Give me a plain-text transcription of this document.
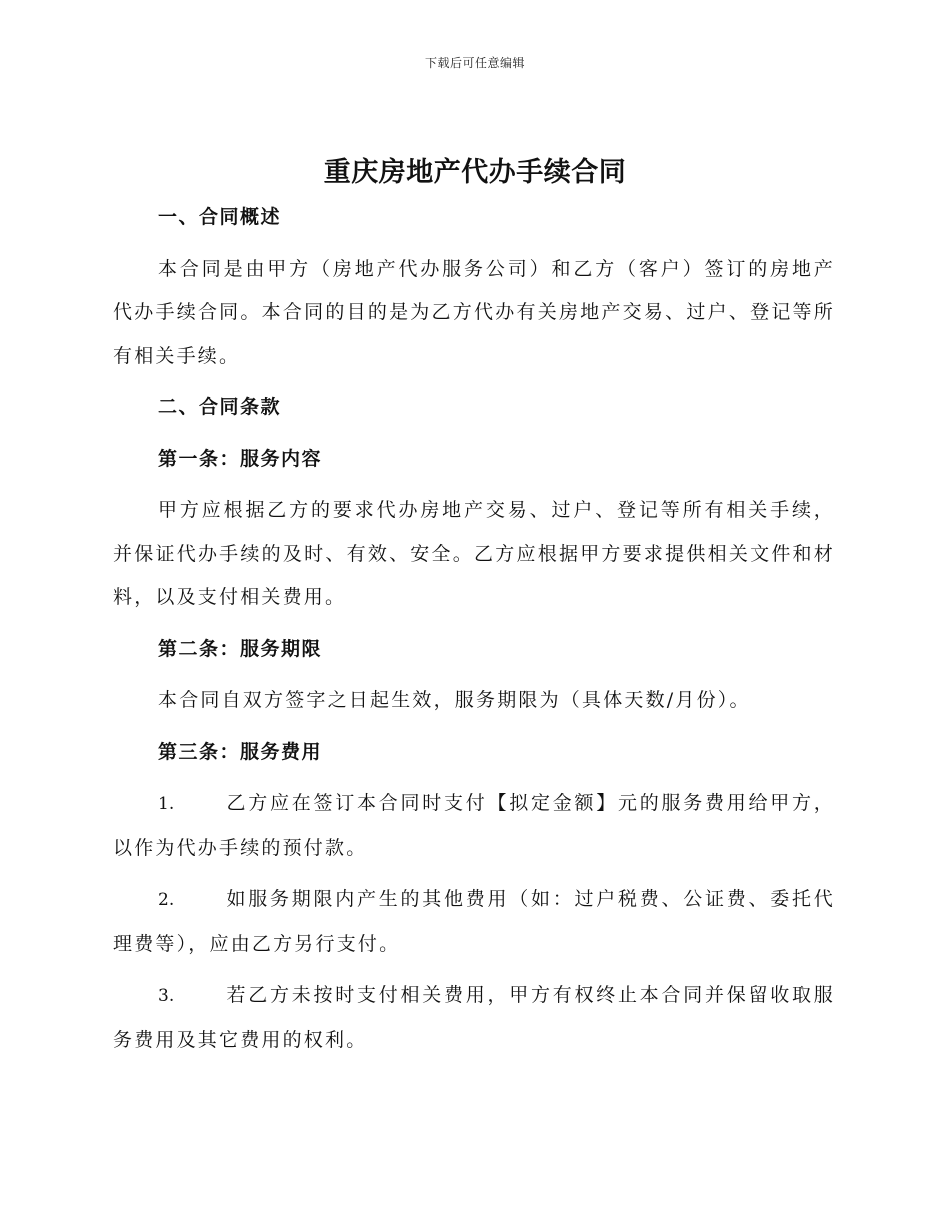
下载后可任意编辑
重庆房地产代办手续合同

一、合同概述

本合同是由甲方（房地产代办服务公司）和乙方（客户）签订的房地产代办手续合同。本合同的目的是为乙方代办有关房地产交易、过户、登记等所有相关手续。

二、合同条款

第一条：服务内容

甲方应根据乙方的要求代办房地产交易、过户、登记等所有相关手续，并保证代办手续的及时、有效、安全。乙方应根据甲方要求提供相关文件和材料，以及支付相关费用。

第二条：服务期限

本合同自双方签字之日起生效，服务期限为（具体天数/月份）。

第三条：服务费用

1.	乙方应在签订本合同时支付【拟定金额】元的服务费用给甲方，以作为代办手续的预付款。

2.	如服务期限内产生的其他费用（如：过户税费、公证费、委托代理费等），应由乙方另行支付。

3.	若乙方未按时支付相关费用，甲方有权终止本合同并保留收取服务费用及其它费用的权利。
